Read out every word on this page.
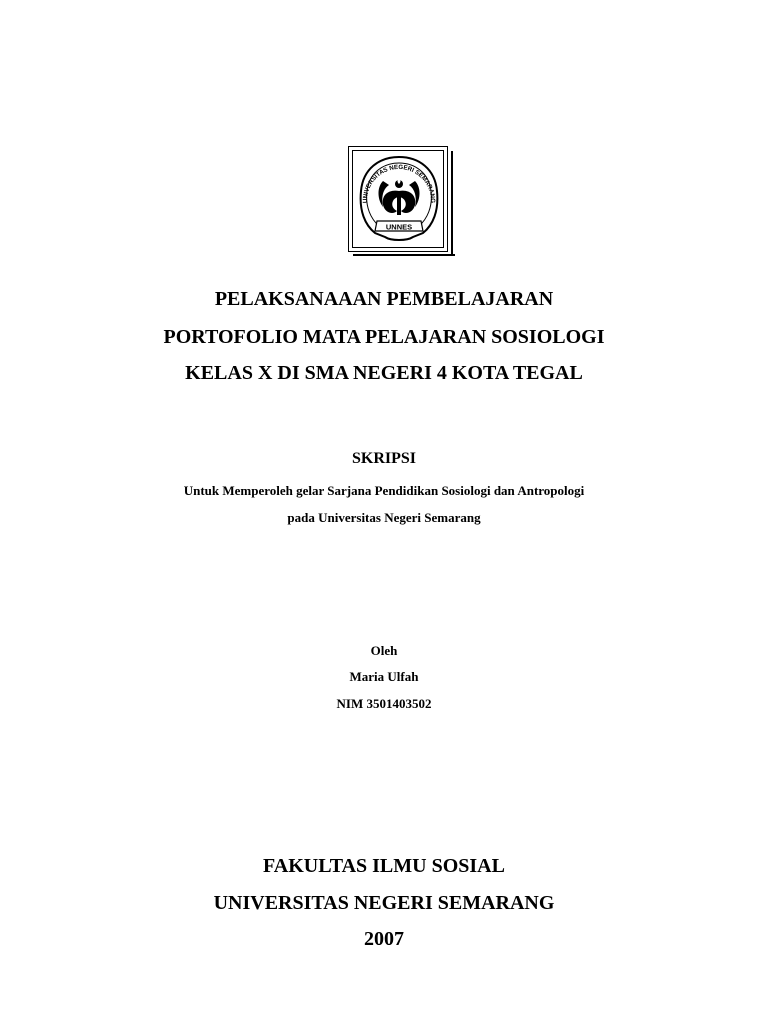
UNIVERSITAS NEGERI SEMARANG
UNNES
PELAKSANAAAN PEMBELAJARAN
PORTOFOLIO MATA PELAJARAN SOSIOLOGI
KELAS X DI SMA NEGERI 4 KOTA TEGAL
SKRIPSI
Untuk Memperoleh gelar Sarjana Pendidikan Sosiologi dan Antropologi
pada Universitas Negeri Semarang
Oleh
Maria Ulfah
NIM 3501403502
FAKULTAS ILMU SOSIAL
UNIVERSITAS NEGERI SEMARANG
2007
